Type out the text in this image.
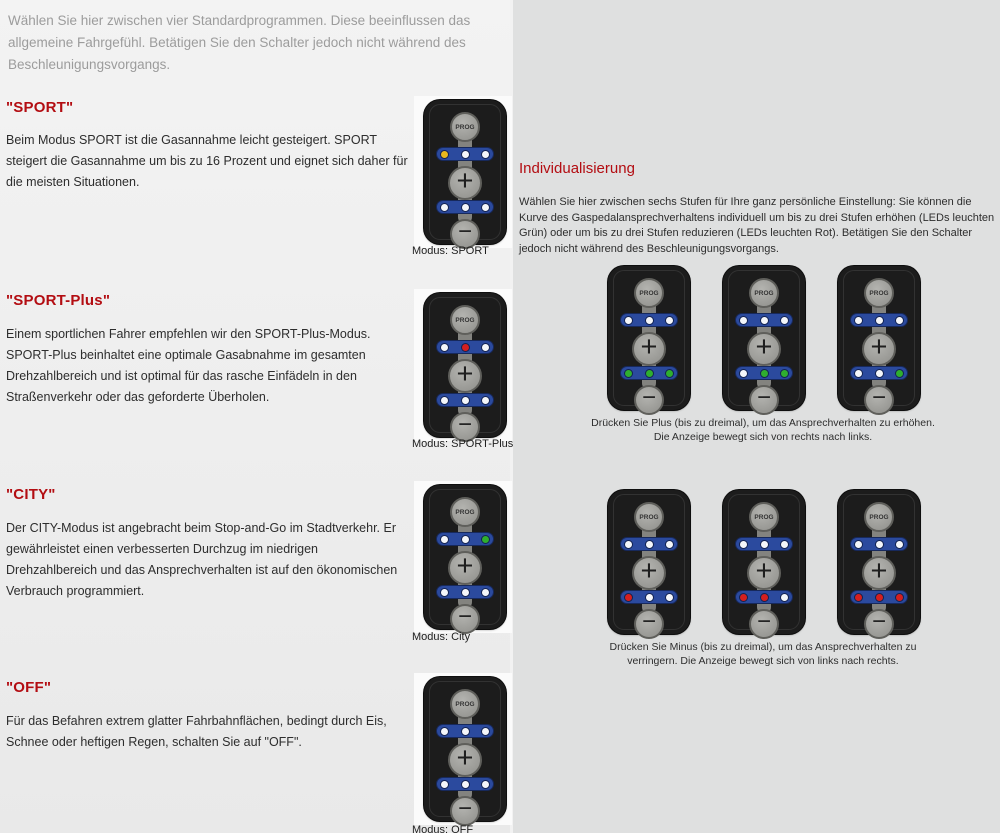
Wählen Sie hier zwischen vier Standardprogrammen. Diese beeinflussen das allgemeine Fahrgefühl. Betätigen Sie den Schalter jedoch nicht während des Beschleunigungsvorgangs.

"SPORT"

Beim Modus SPORT ist die Gasannahme leicht gesteigert. SPORT steigert die Gasannahme um bis zu 16 Prozent und eignet sich daher für die meisten Situationen.

PROG
+
−
Modus: SPORT
"SPORT-Plus"

Einem sportlichen Fahrer empfehlen wir den SPORT-Plus-Modus. SPORT-Plus beinhaltet eine optimale Gasabnahme im gesamten Drehzahlbereich und ist optimal für das rasche Einfädeln in den Straßenverkehr oder das geforderte Überholen.

PROG
+
−
Modus: SPORT-Plus
"CITY"

Der CITY-Modus ist angebracht beim Stop-and-Go im Stadtverkehr. Er gewährleistet einen verbesserten Durchzug im niedrigen Drehzahlbereich und das Ansprechverhalten ist auf den ökonomischen Verbrauch programmiert.

PROG
+
−
Modus: City
"OFF"

Für das Befahren extrem glatter Fahrbahnflächen, bedingt durch Eis, Schnee oder heftigen Regen, schalten Sie auf "OFF".

PROG
+
−
Modus: OFF
Individualisierung

Wählen Sie hier zwischen sechs Stufen für Ihre ganz persönliche Einstellung: Sie können die Kurve des Gaspedalansprechverhaltens individuell um bis zu drei Stufen erhöhen (LEDs leuchten Grün) oder um bis zu drei Stufen reduzieren (LEDs leuchten Rot). Betätigen Sie den Schalter jedoch nicht während des Beschleunigungsvorgangs.

PROG
+
−
PROG
+
−
PROG
+
−
Drücken Sie Plus (bis zu dreimal), um das Ansprechverhalten zu erhöhen. Die Anzeige bewegt sich von rechts nach links.
PROG
+
−
PROG
+
−
PROG
+
−
Drücken Sie Minus (bis zu dreimal), um das Ansprechverhalten zu verringern. Die Anzeige bewegt sich von links nach rechts.
